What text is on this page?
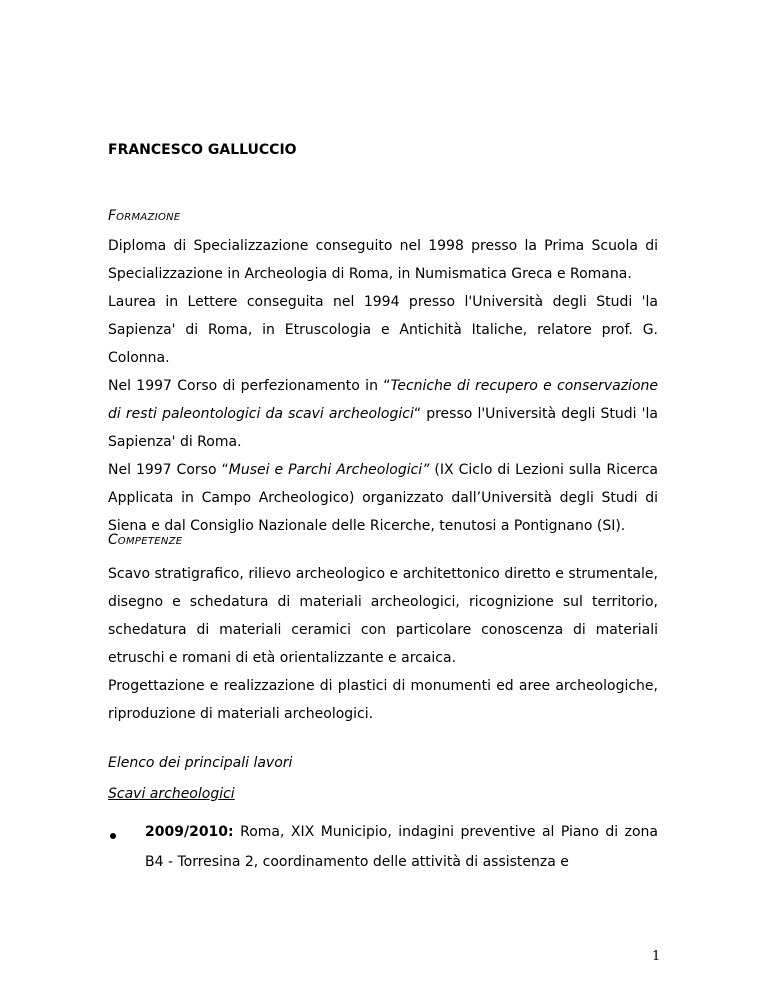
FRANCESCO GALLUCCIO
FORMAZIONE

Diploma di Specializzazione conseguito nel 1998 presso la Prima Scuola di Specializzazione in Archeologia di Roma, in Numismatica Greca e Romana.

Laurea in Lettere conseguita nel 1994 presso l'Università degli Studi 'la Sapienza' di Roma, in Etruscologia e Antichità Italiche, relatore prof. G. Colonna.

Nel 1997 Corso di perfezionamento in “Tecniche di recupero e conservazione di resti paleontologici da scavi archeologici“ presso l'Università degli Studi 'la Sapienza' di Roma.

Nel 1997 Corso “Musei e Parchi Archeologici” (IX Ciclo di Lezioni sulla Ricerca Applicata in Campo Archeologico) organizzato dall’Università degli Studi di Siena e dal Consiglio Nazionale delle Ricerche, tenutosi a Pontignano (SI).

COMPETENZE

Scavo stratigrafico, rilievo archeologico e architettonico diretto e strumentale, disegno e schedatura di materiali archeologici, ricognizione sul territorio, schedatura di materiali ceramici con particolare conoscenza di materiali etruschi e romani di età orientalizzante e arcaica.

Progettazione e realizzazione di plastici di monumenti ed aree archeologiche, riproduzione di materiali archeologici.

Elenco dei principali lavori
Scavi archeologici

2009/2010: Roma, XIX Municipio, indagini preventive al Piano di zona B4 - Torresina 2, coordinamento delle attività di assistenza e

1
